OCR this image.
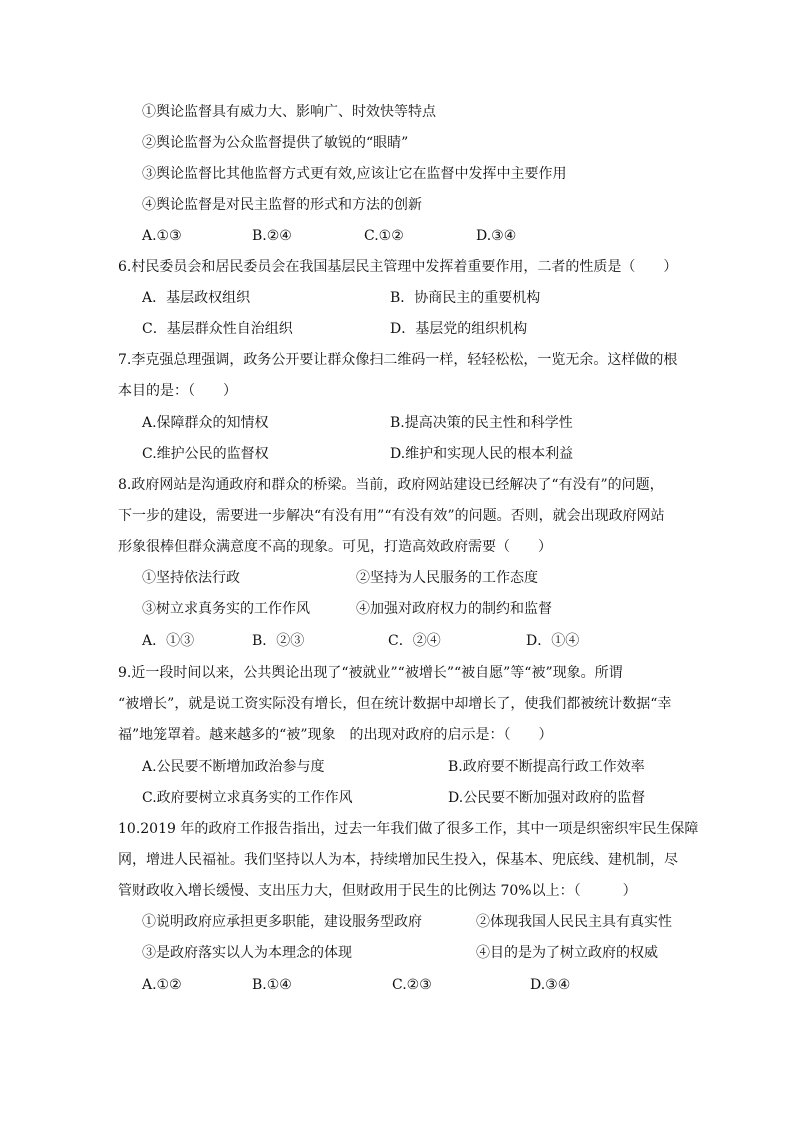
①舆论监督具有威力大、影响广、时效快等特点
②舆论监督为公众监督提供了敏锐的“眼睛”
③舆论监督比其他监督方式更有效,应该让它在监督中发挥中主要作用
④舆论监督是对民主监督的形式和方法的创新
A.①③	B.②④	C.①②	D.③④
6.村民委员会和居民委员会在我国基层民主管理中发挥着重要作用，二者的性质是（　　）
A．基层政权组织	B．协商民主的重要机构
C．基层群众性自治组织	D．基层党的组织机构
7.李克强总理强调，政务公开要让群众像扫二维码一样，轻轻松松，一览无余。这样做的根
本目的是：（　　）
A.保障群众的知情权	B.提高决策的民主性和科学性
C.维护公民的监督权	D.维护和实现人民的根本利益
8.政府网站是沟通政府和群众的桥梁。当前，政府网站建设已经解决了“有没有”的问题，
下一步的建设，需要进一步解决“有没有用”“有没有效”的问题。否则，就会出现政府网站
形象很棒但群众满意度不高的现象。可见，打造高效政府需要（　　）
①坚持依法行政	②坚持为人民服务的工作态度
③树立求真务实的工作作风	④加强对政府权力的制约和监督
A．①③	B．②③	C．②④	D．①④
9.近一段时间以来，公共舆论出现了“被就业”“被增长”“被自愿”等“被”现象。所谓
“被增长”，就是说工资实际没有增长，但在统计数据中却增长了，使我们都被统计数据“幸
福”地笼罩着。越来越多的“被”现象　的出现对政府的启示是：（　　）
A.公民要不断增加政治参与度	B.政府要不断提高行政工作效率
C.政府要树立求真务实的工作作风	D.公民要不断加强对政府的监督
10.2019 年的政府工作报告指出，过去一年我们做了很多工作，其中一项是织密织牢民生保障
网，增进人民福祉。我们坚持以人为本，持续增加民生投入，保基本、兜底线、建机制，尽
管财政收入增长缓慢、支出压力大，但财政用于民生的比例达 70%以上：（　　　）
①说明政府应承担更多职能，建设服务型政府	②体现我国人民民主具有真实性
③是政府落实以人为本理念的体现	④目的是为了树立政府的权威
A.①②	B.①④	C.②③	D.③④
